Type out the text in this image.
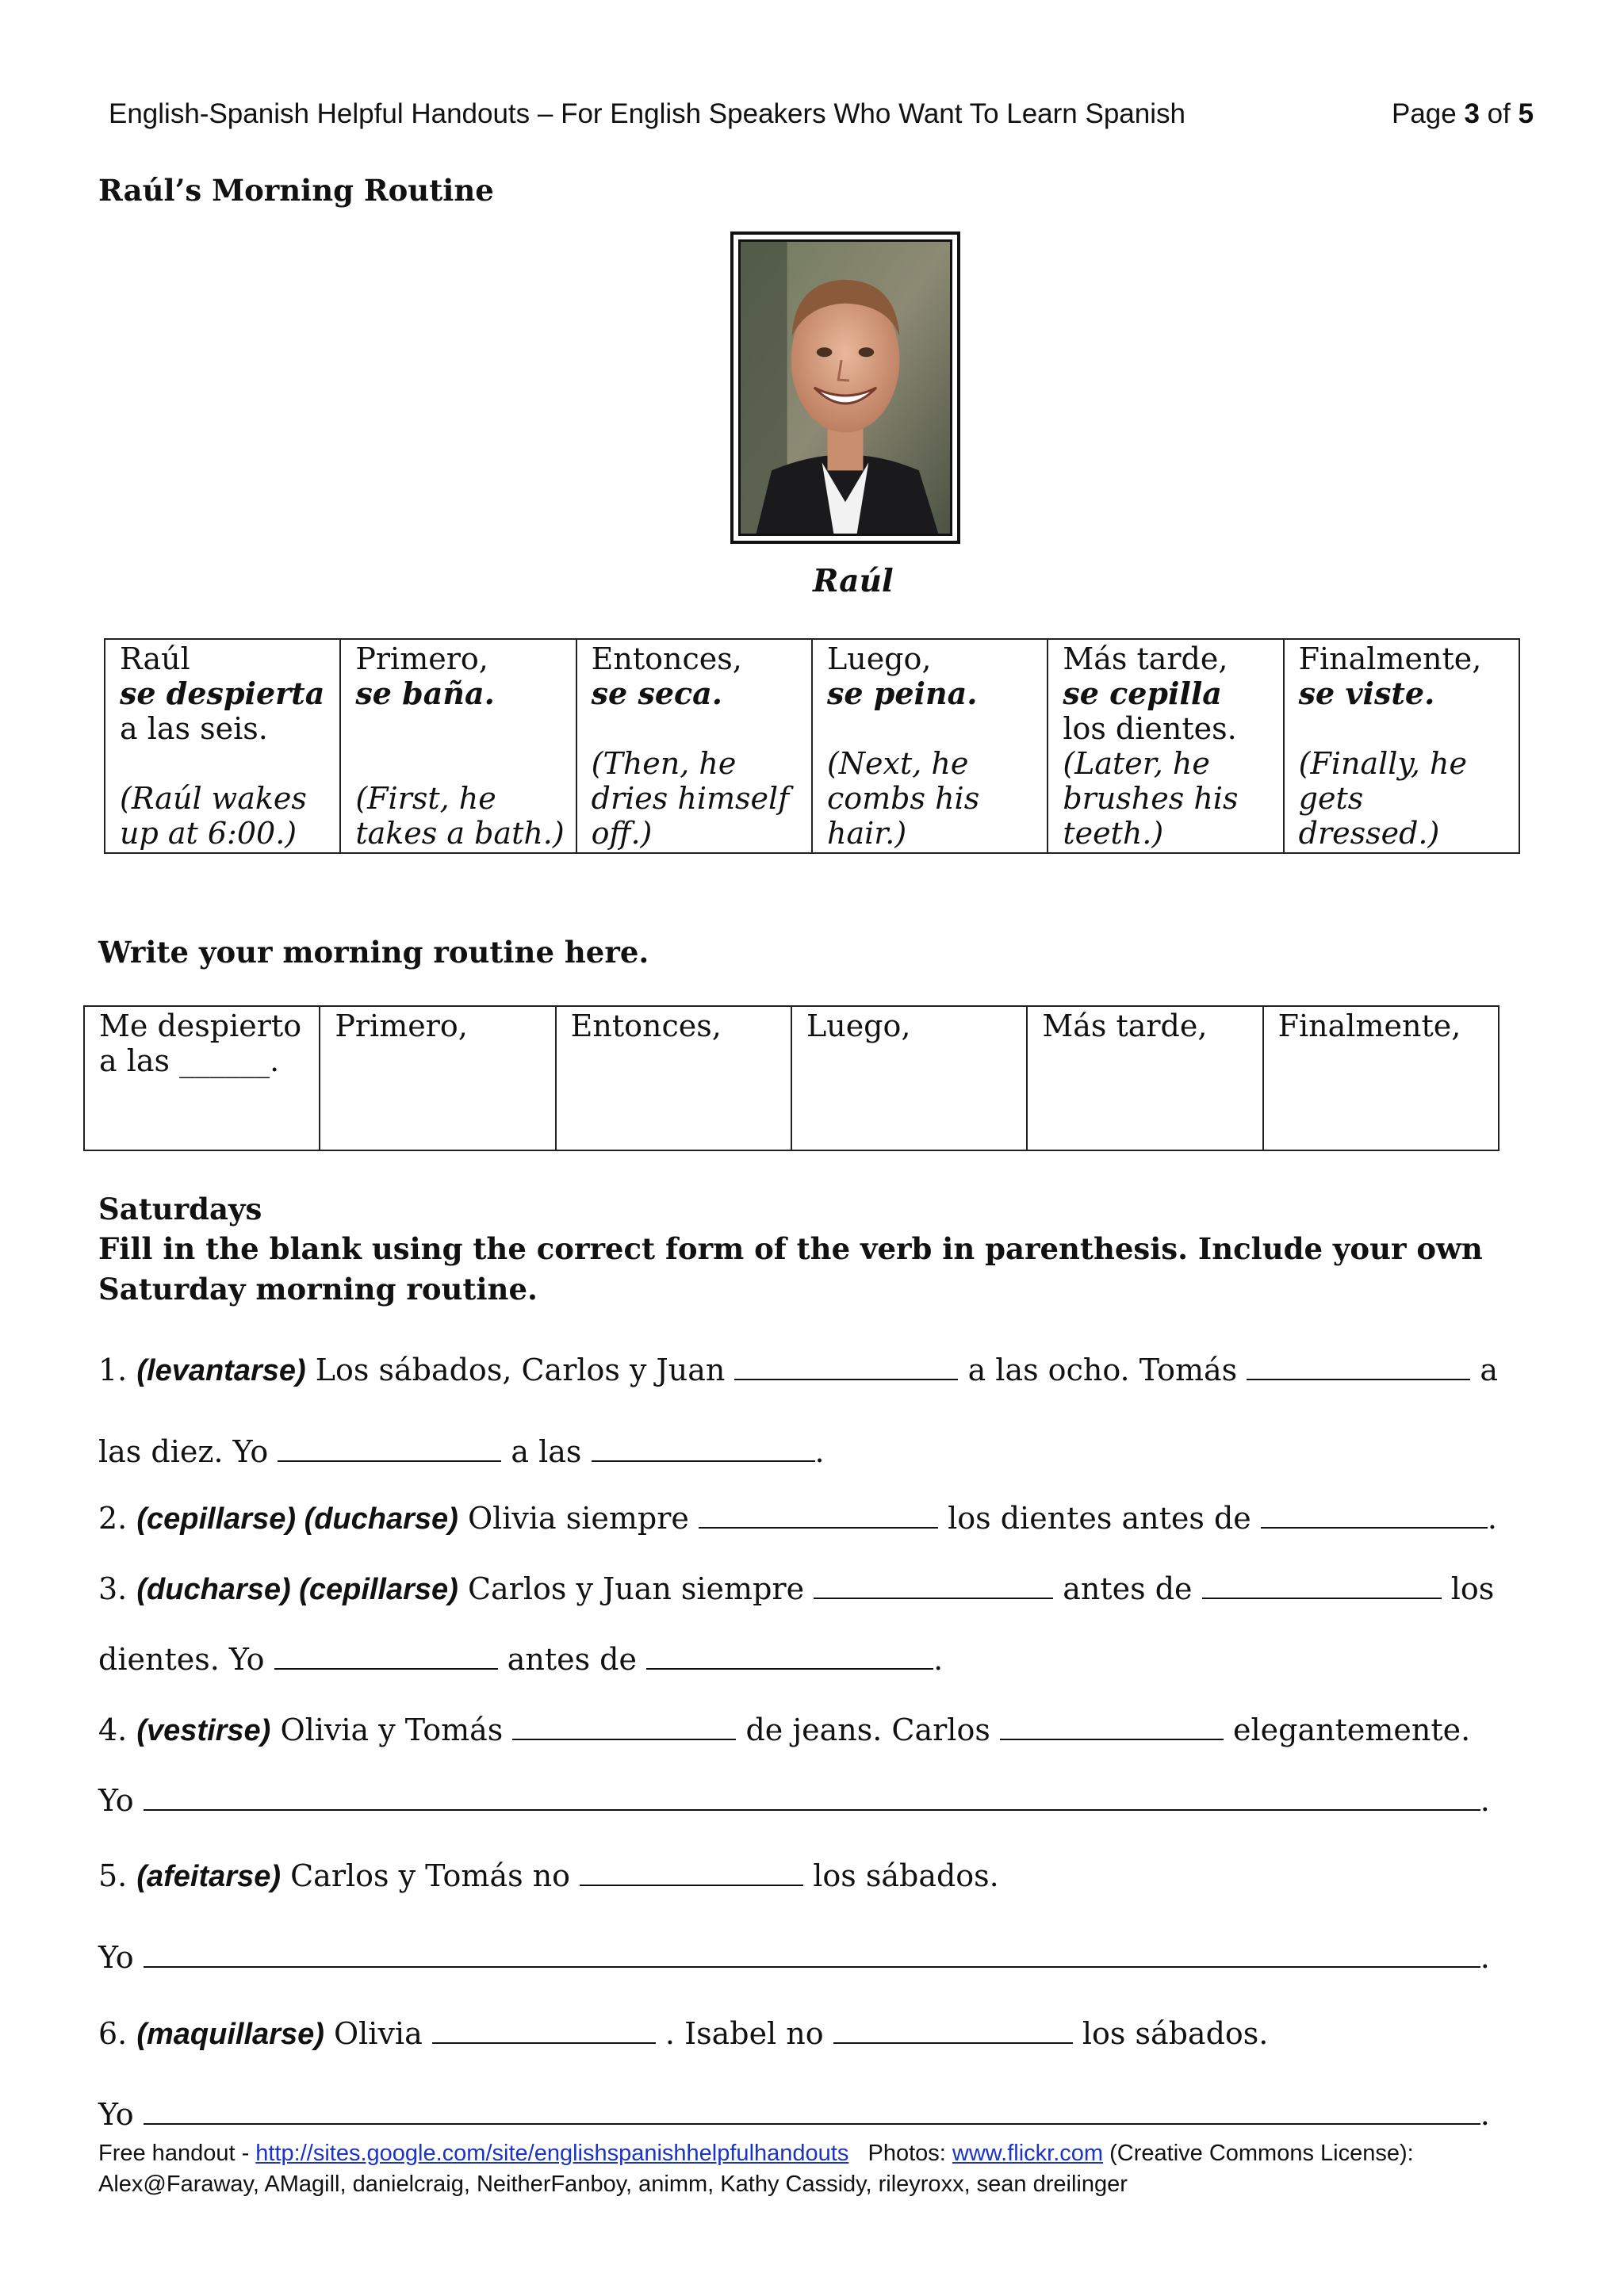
English-Spanish Helpful Handouts – For English Speakers Who Want To Learn Spanish	Page 3 of 5
Raúl’s Morning Routine
Raúl
Raúl
se despierta
a las seis.
(Raúl wakes up at 6:00.)

Primero,
se baña.
(First, he takes a bath.)

Entonces,
se seca.
(Then, he dries himself off.)

Luego,
se peina.
(Next, he combs his hair.)

Más tarde,
se cepilla
los dientes.
(Later, he brushes his teeth.)

Finalmente,
se viste.
(Finally, he gets dressed.)
Write your morning routine here.
Me despierto a las ______.	Primero,	Entonces,	Luego,	Más tarde,	Finalmente,
Saturdays
Fill in the blank using the correct form of the verb in parenthesis. Include your own
Saturday morning routine.
1. (levantarse) Los sábados, Carlos y Juan	a las ocho. Tomás	a
las diez. Yo	a las	.
2. (cepillarse) (ducharse) Olivia siempre	los dientes antes de	.
3. (ducharse) (cepillarse) Carlos y Juan siempre	antes de	los
dientes. Yo	antes de	.
4. (vestirse) Olivia y Tomás	de jeans. Carlos	elegantemente.
Yo	.
5. (afeitarse) Carlos y Tomás no	los sábados.
Yo	.
6. (maquillarse) Olivia	. Isabel no	los sábados.
Yo	.
Free handout - http://sites.google.com/site/englishspanishhelpfulhandouts   Photos: www.flickr.com (Creative Commons License):
Alex@Faraway, AMagill, danielcraig, NeitherFanboy, animm, Kathy Cassidy, rileyroxx, sean dreilinger
